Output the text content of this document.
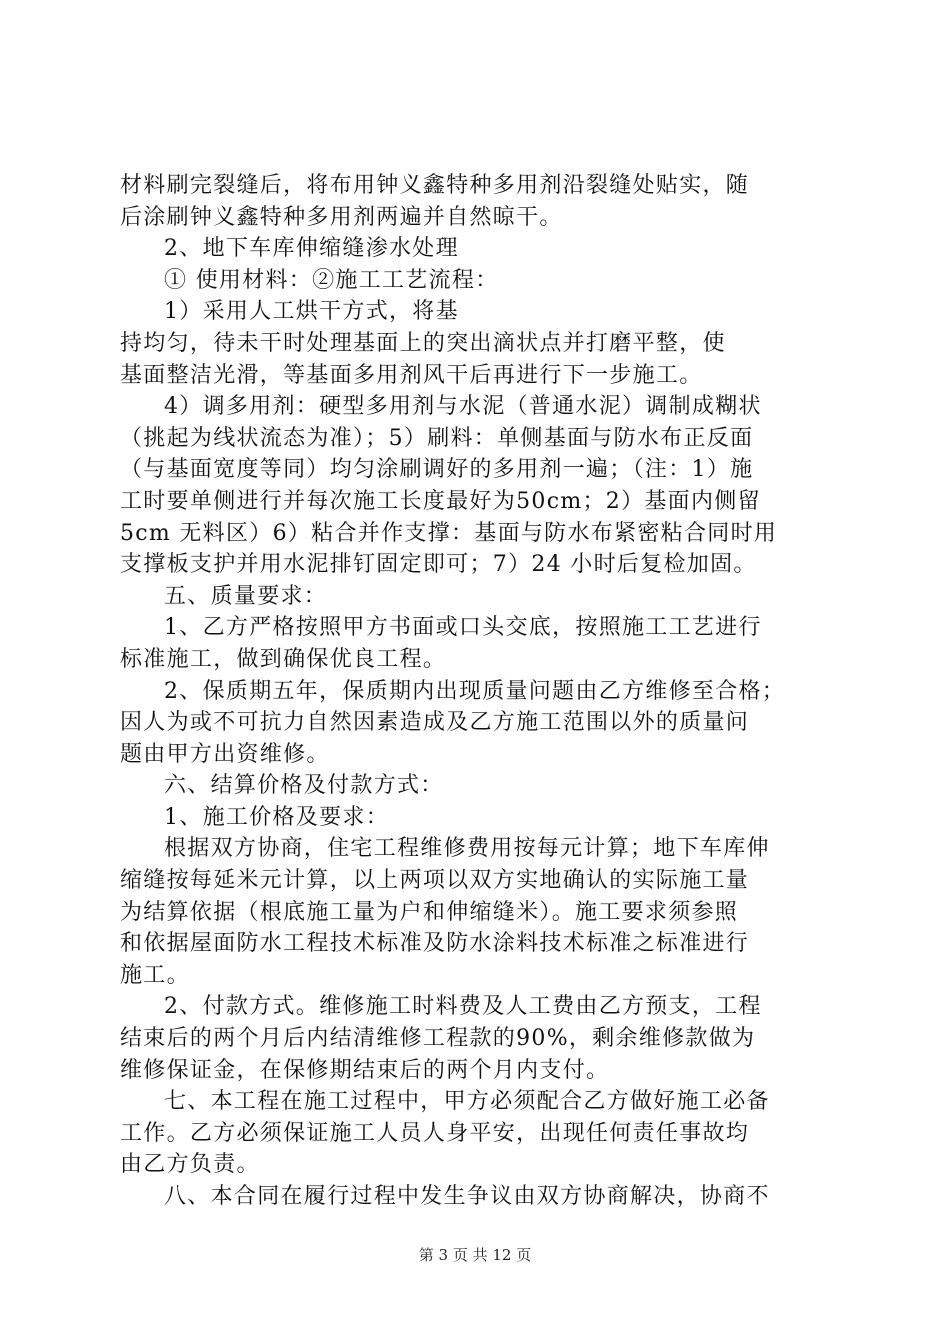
材料刷完裂缝后，将布用钟义鑫特种多用剂沿裂缝处贴实，随
后涂刷钟义鑫特种多用剂两遍并自然晾干。
2、地下车库伸缩缝渗水处理
① 使用材料：②施工工艺流程：
1）采用人工烘干方式，将基
持均匀，待未干时处理基面上的突出滴状点并打磨平整，使
基面整洁光滑，等基面多用剂风干后再进行下一步施工。
4）调多用剂：硬型多用剂与水泥（普通水泥）调制成糊状
（挑起为线状流态为准）；5）刷料：单侧基面与防水布正反面
（与基面宽度等同）均匀涂刷调好的多用剂一遍；（注：1）施
工时要单侧进行并每次施工长度最好为50cm；2）基面内侧留
5cm 无料区）6）粘合并作支撑：基面与防水布紧密粘合同时用
支撑板支护并用水泥排钉固定即可；7）24 小时后复检加固。
五、质量要求：
1、乙方严格按照甲方书面或口头交底，按照施工工艺进行
标准施工，做到确保优良工程。
2、保质期五年，保质期内出现质量问题由乙方维修至合格；
因人为或不可抗力自然因素造成及乙方施工范围以外的质量问
题由甲方出资维修。
六、结算价格及付款方式：
1、施工价格及要求：
根据双方协商，住宅工程维修费用按每元计算；地下车库伸
缩缝按每延米元计算，以上两项以双方实地确认的实际施工量
为结算依据（根底施工量为户和伸缩缝米）。施工要求须参照
和依据屋面防水工程技术标准及防水涂料技术标准之标准进行
施工。
2、付款方式。维修施工时料费及人工费由乙方预支，工程
结束后的两个月后内结清维修工程款的90%，剩余维修款做为
维修保证金，在保修期结束后的两个月内支付。
七、本工程在施工过程中，甲方必须配合乙方做好施工必备
工作。乙方必须保证施工人员人身平安，出现任何责任事故均
由乙方负责。
八、本合同在履行过程中发生争议由双方协商解决，协商不
第 3 页 共 12 页
